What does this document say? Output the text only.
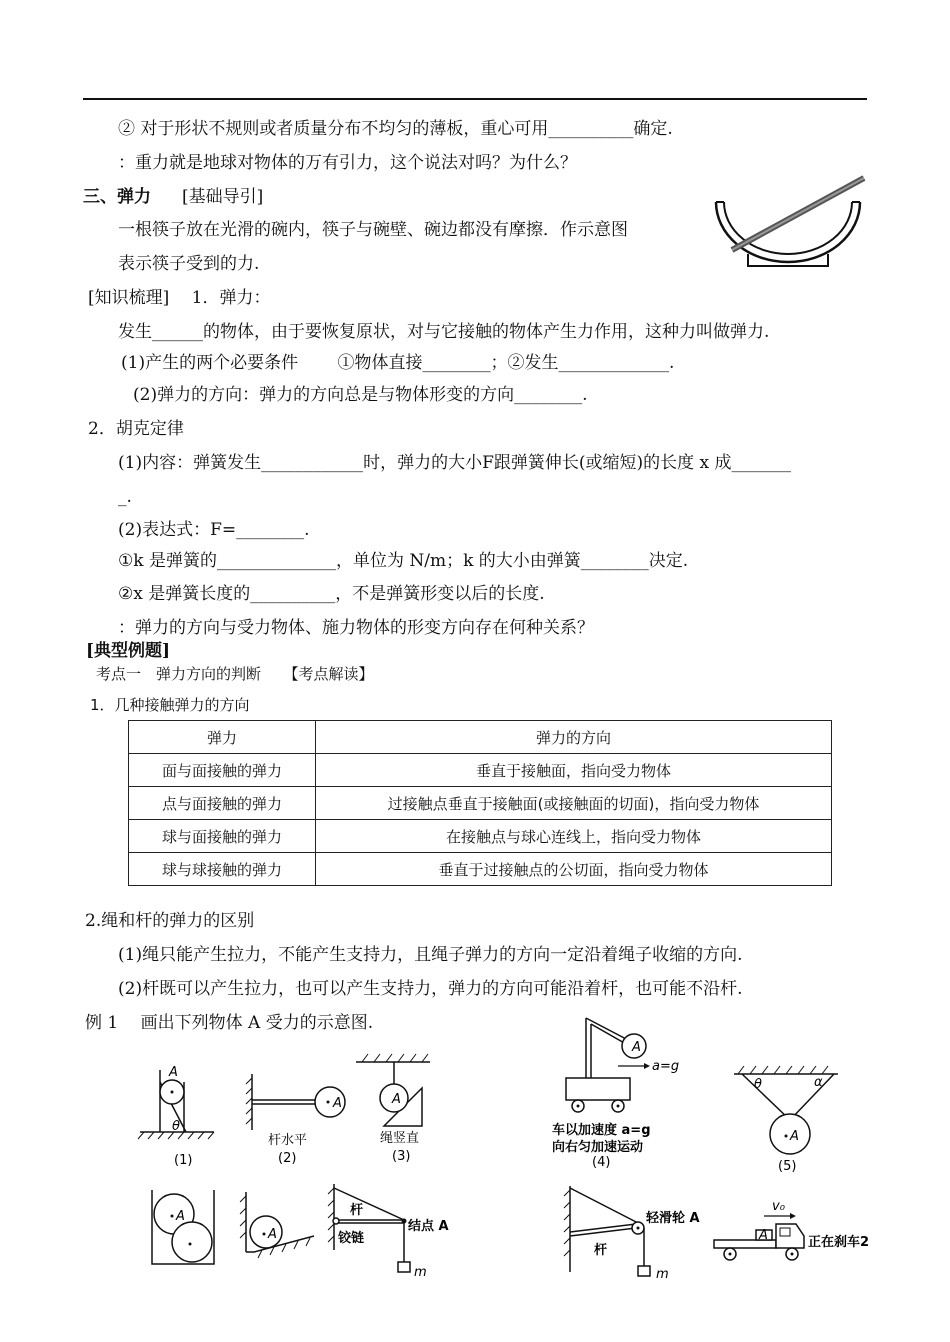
② 对于形状不规则或者质量分布不均匀的薄板，重心可用__________确定.
：重力就是地球对物体的万有引力，这个说法对吗？为什么？
三、弹力 [基础导引]
一根筷子放在光滑的碗内，筷子与碗壁、碗边都没有摩擦．作示意图
表示筷子受到的力.
[知识梳理]　 1．弹力：
发生______的物体，由于要恢复原状，对与它接触的物体产生力作用，这种力叫做弹力.
(1)产生的两个必要条件　　 ①物体直接________；②发生_____________.
(2)弹力的方向：弹力的方向总是与物体形变的方向________.
2．胡克定律
(1)内容：弹簧发生____________时，弹力的大小F跟弹簧伸长(或缩短)的长度 x 成_______
_.
(2)表达式：F=________.
①k 是弹簧的______________，单位为 N/m；k 的大小由弹簧________决定.
②x 是弹簧长度的__________，不是弹簧形变以后的长度.
：弹力的方向与受力物体、施力物体的形变方向存在何种关系？
[典型例题]
考点一　弹力方向的判断　　【考点解读】
1．几种接触弹力的方向
弹力	弹力的方向
面与面接触的弹力	垂直于接触面，指向受力物体
点与面接触的弹力	过接触点垂直于接触面(或接触面的切面)，指向受力物体
球与面接触的弹力	在接触点与球心连线上，指向受力物体
球与球接触的弹力	垂直于过接触点的公切面，指向受力物体
2.绳和杆的弹力的区别
(1)绳只能产生拉力，不能产生支持力，且绳子弹力的方向一定沿着绳子收缩的方向.
(2)杆既可以产生拉力，也可以产生支持力，弹力的方向可能沿着杆，也可能不沿杆.
例 1　 画出下列物体 A 受力的示意图.
A
θ
(1)
A
杆水平
(2)
A
绳竖直
(3)
A
a=g
车以加速度 a=g
向右匀加速运动
(4)
θ	α
A
(5)
A
A
m
杆
铰链
结点 A
m
轻滑轮 A
杆
v₀
A	正在刹车2
